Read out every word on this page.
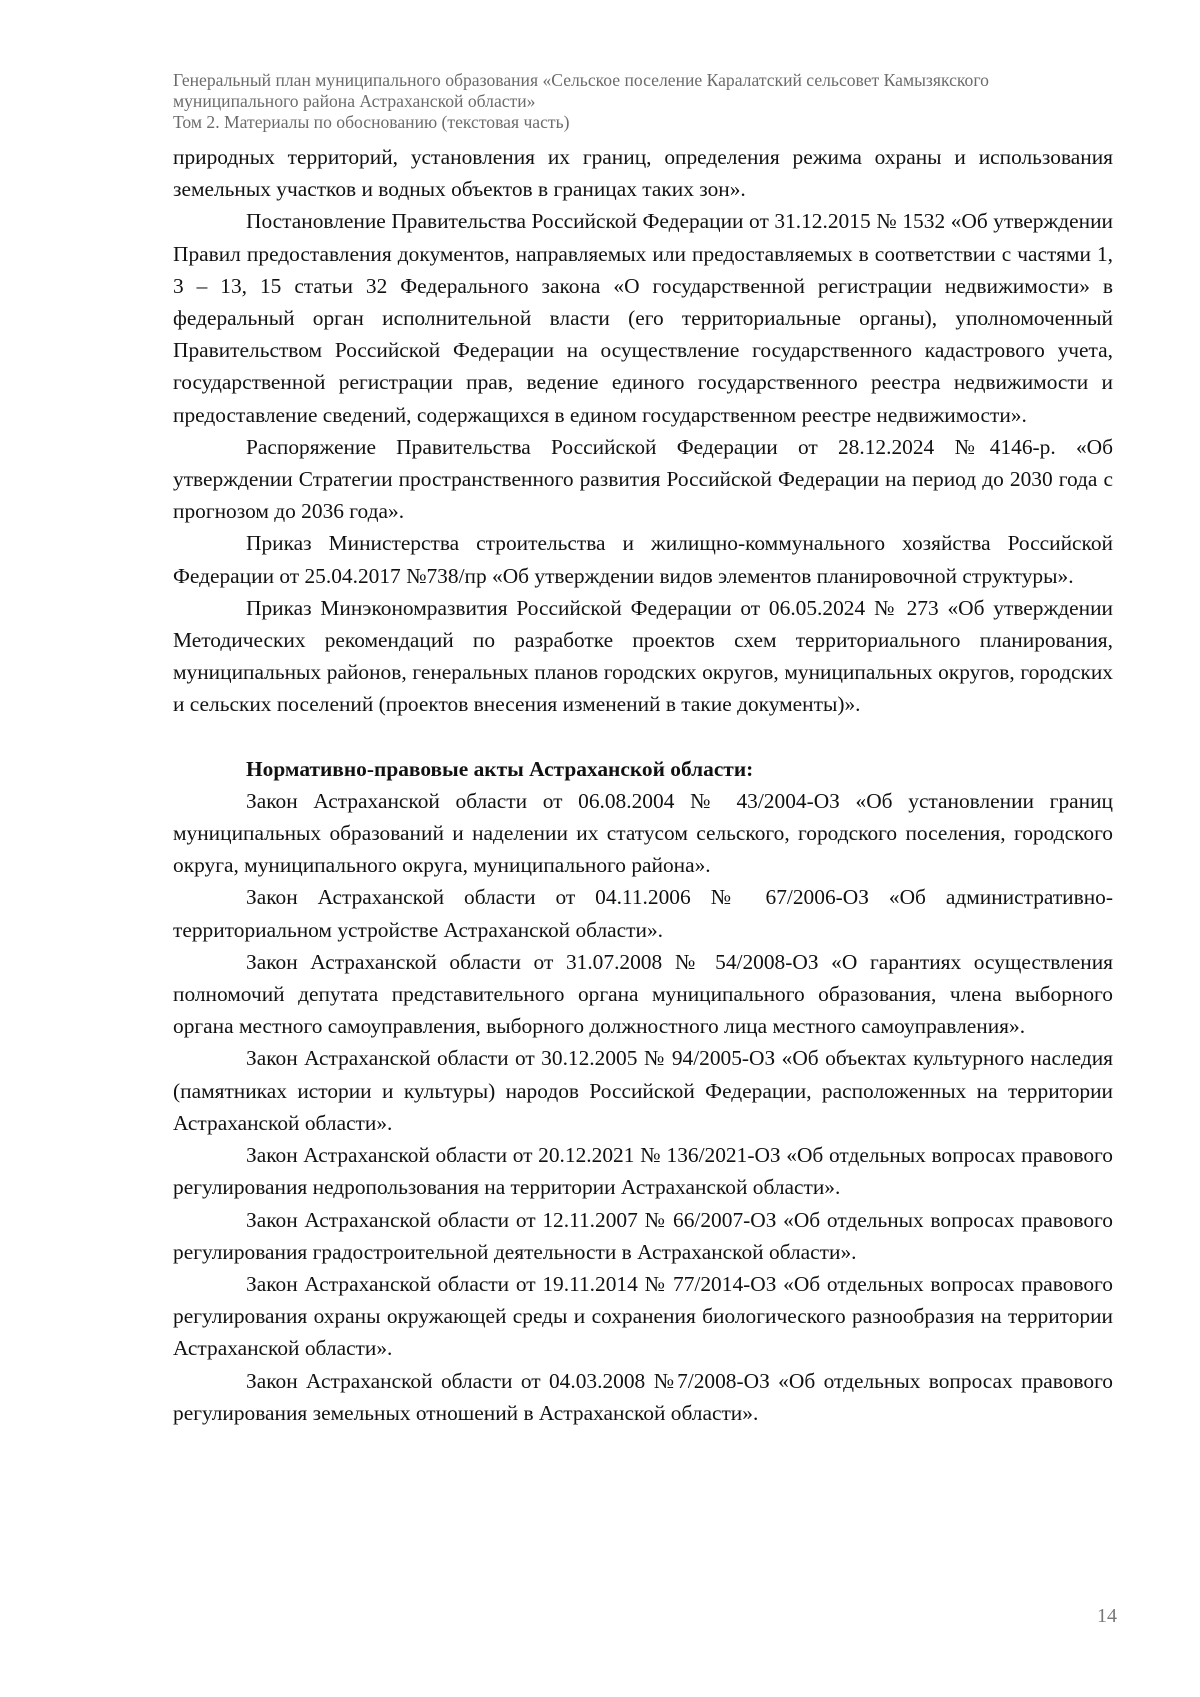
Генеральный план муниципального образования «Сельское поселение Каралатский сельсовет Камызякского
муниципального района Астраханской области»
Том 2. Материалы по обоснованию (текстовая часть)

природных территорий, установления их границ, определения режима охраны и использования земельных участков и водных объектов в границах таких зон».

Постановление Правительства Российской Федерации от 31.12.2015 № 1532 «Об утверждении Правил предоставления документов, направляемых или предоставляемых в соответствии с частями 1, 3 – 13, 15 статьи 32 Федерального закона «О государственной регистрации недвижимости» в федеральный орган исполнительной власти (его территориальные органы), уполномоченный Правительством Российской Федерации на осуществление государственного кадастрового учета, государственной регистрации прав, ведение единого государственного реестра недвижимости и предоставление сведений, содержащихся в едином государственном реестре недвижимости».

Распоряжение Правительства Российской Федерации от 28.12.2024 №4146-р. «Об утверждении Стратегии пространственного развития Российской Федерации на период до 2030 года с прогнозом до 2036 года».

Приказ Министерства строительства и жилищно-коммунального хозяйства Российской Федерации от 25.04.2017 №738/пр «Об утверждении видов элементов планировочной структуры».

Приказ Минэкономразвития Российской Федерации от 06.05.2024 № 273 «Об утверждении Методических рекомендаций по разработке проектов схем территориального планирования, муниципальных районов, генеральных планов городских округов, муниципальных округов, городских и сельских поселений (проектов внесения изменений в такие документы)».

Нормативно-правовые акты Астраханской области:

Закон Астраханской области от 06.08.2004 № 43/2004-ОЗ «Об установлении границ муниципальных образований и наделении их статусом сельского, городского поселения, городского округа, муниципального округа, муниципального района».

Закон Астраханской области от 04.11.2006 № 67/2006-ОЗ «Об административно-территориальном устройстве Астраханской области».

Закон Астраханской области от 31.07.2008 № 54/2008-ОЗ «О гарантиях осуществления полномочий депутата представительного органа муниципального образования, члена выборного органа местного самоуправления, выборного должностного лица местного самоуправления».

Закон Астраханской области от 30.12.2005 № 94/2005-ОЗ «Об объектах культурного наследия (памятниках истории и культуры) народов Российской Федерации, расположенных на территории Астраханской области».

Закон Астраханской области от 20.12.2021 № 136/2021-ОЗ «Об отдельных вопросах правового регулирования недропользования на территории Астраханской области».

Закон Астраханской области от 12.11.2007 № 66/2007-ОЗ «Об отдельных вопросах правового регулирования градостроительной деятельности в Астраханской области».

Закон Астраханской области от 19.11.2014 № 77/2014-ОЗ «Об отдельных вопросах правового регулирования охраны окружающей среды и сохранения биологического разнообразия на территории Астраханской области».

Закон Астраханской области от 04.03.2008 №7/2008-ОЗ «Об отдельных вопросах правового регулирования земельных отношений в Астраханской области».

14
